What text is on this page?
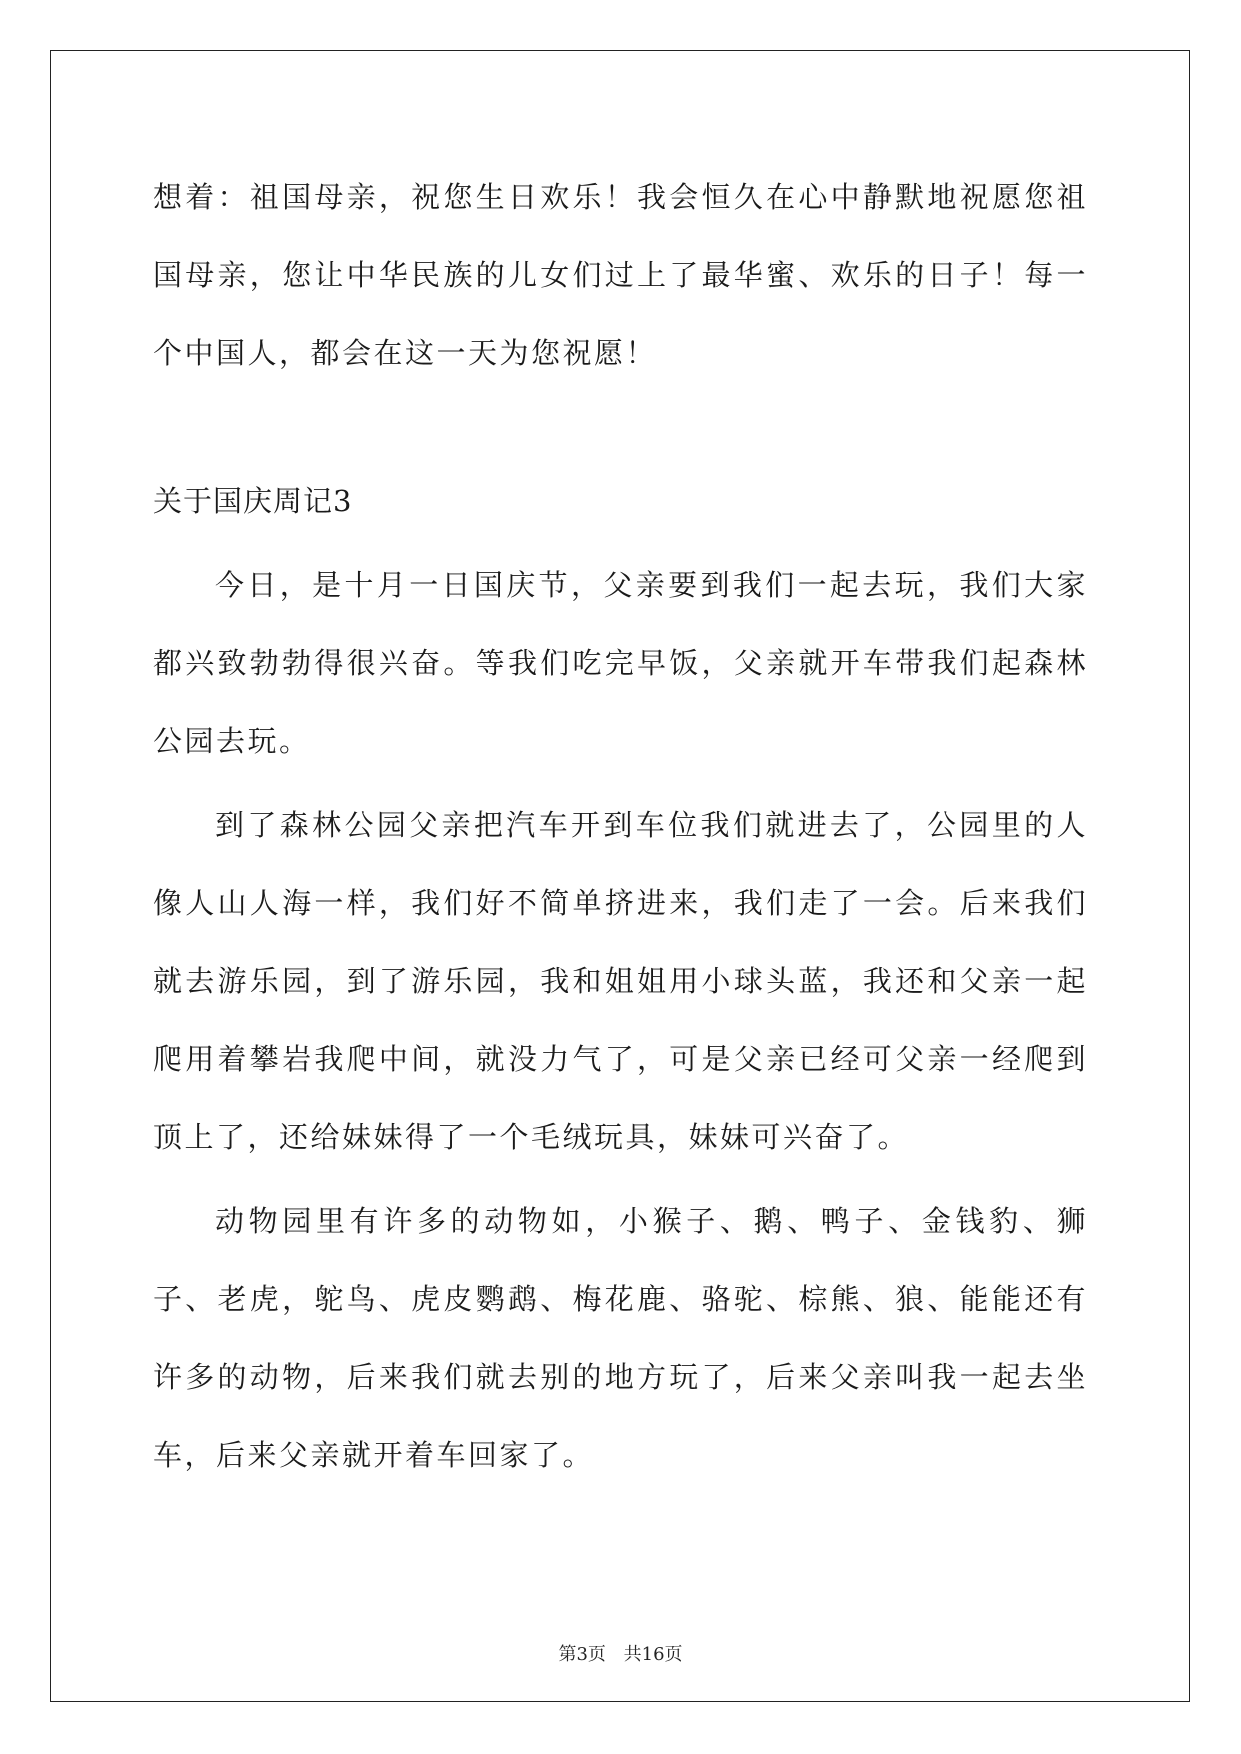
想着：祖国母亲，祝您生日欢乐！我会恒久在心中静默地祝愿您祖国母亲，您让中华民族的儿女们过上了最华蜜、欢乐的日子！每一个中国人，都会在这一天为您祝愿！

关于国庆周记3

今日，是十月一日国庆节，父亲要到我们一起去玩，我们大家都兴致勃勃得很兴奋。等我们吃完早饭，父亲就开车带我们起森林公园去玩。

到了森林公园父亲把汽车开到车位我们就进去了，公园里的人像人山人海一样，我们好不简单挤进来，我们走了一会。后来我们就去游乐园，到了游乐园，我和姐姐用小球头蓝，我还和父亲一起爬用着攀岩我爬中间，就没力气了，可是父亲已经可父亲一经爬到顶上了，还给妹妹得了一个毛绒玩具，妹妹可兴奋了。

动物园里有许多的动物如，小猴子、鹅、鸭子、金钱豹、狮子、老虎，鸵鸟、虎皮鹦鹉、梅花鹿、骆驼、棕熊、狼、能能还有许多的动物，后来我们就去别的地方玩了，后来父亲叫我一起去坐车，后来父亲就开着车回家了。

第3页 共16页
